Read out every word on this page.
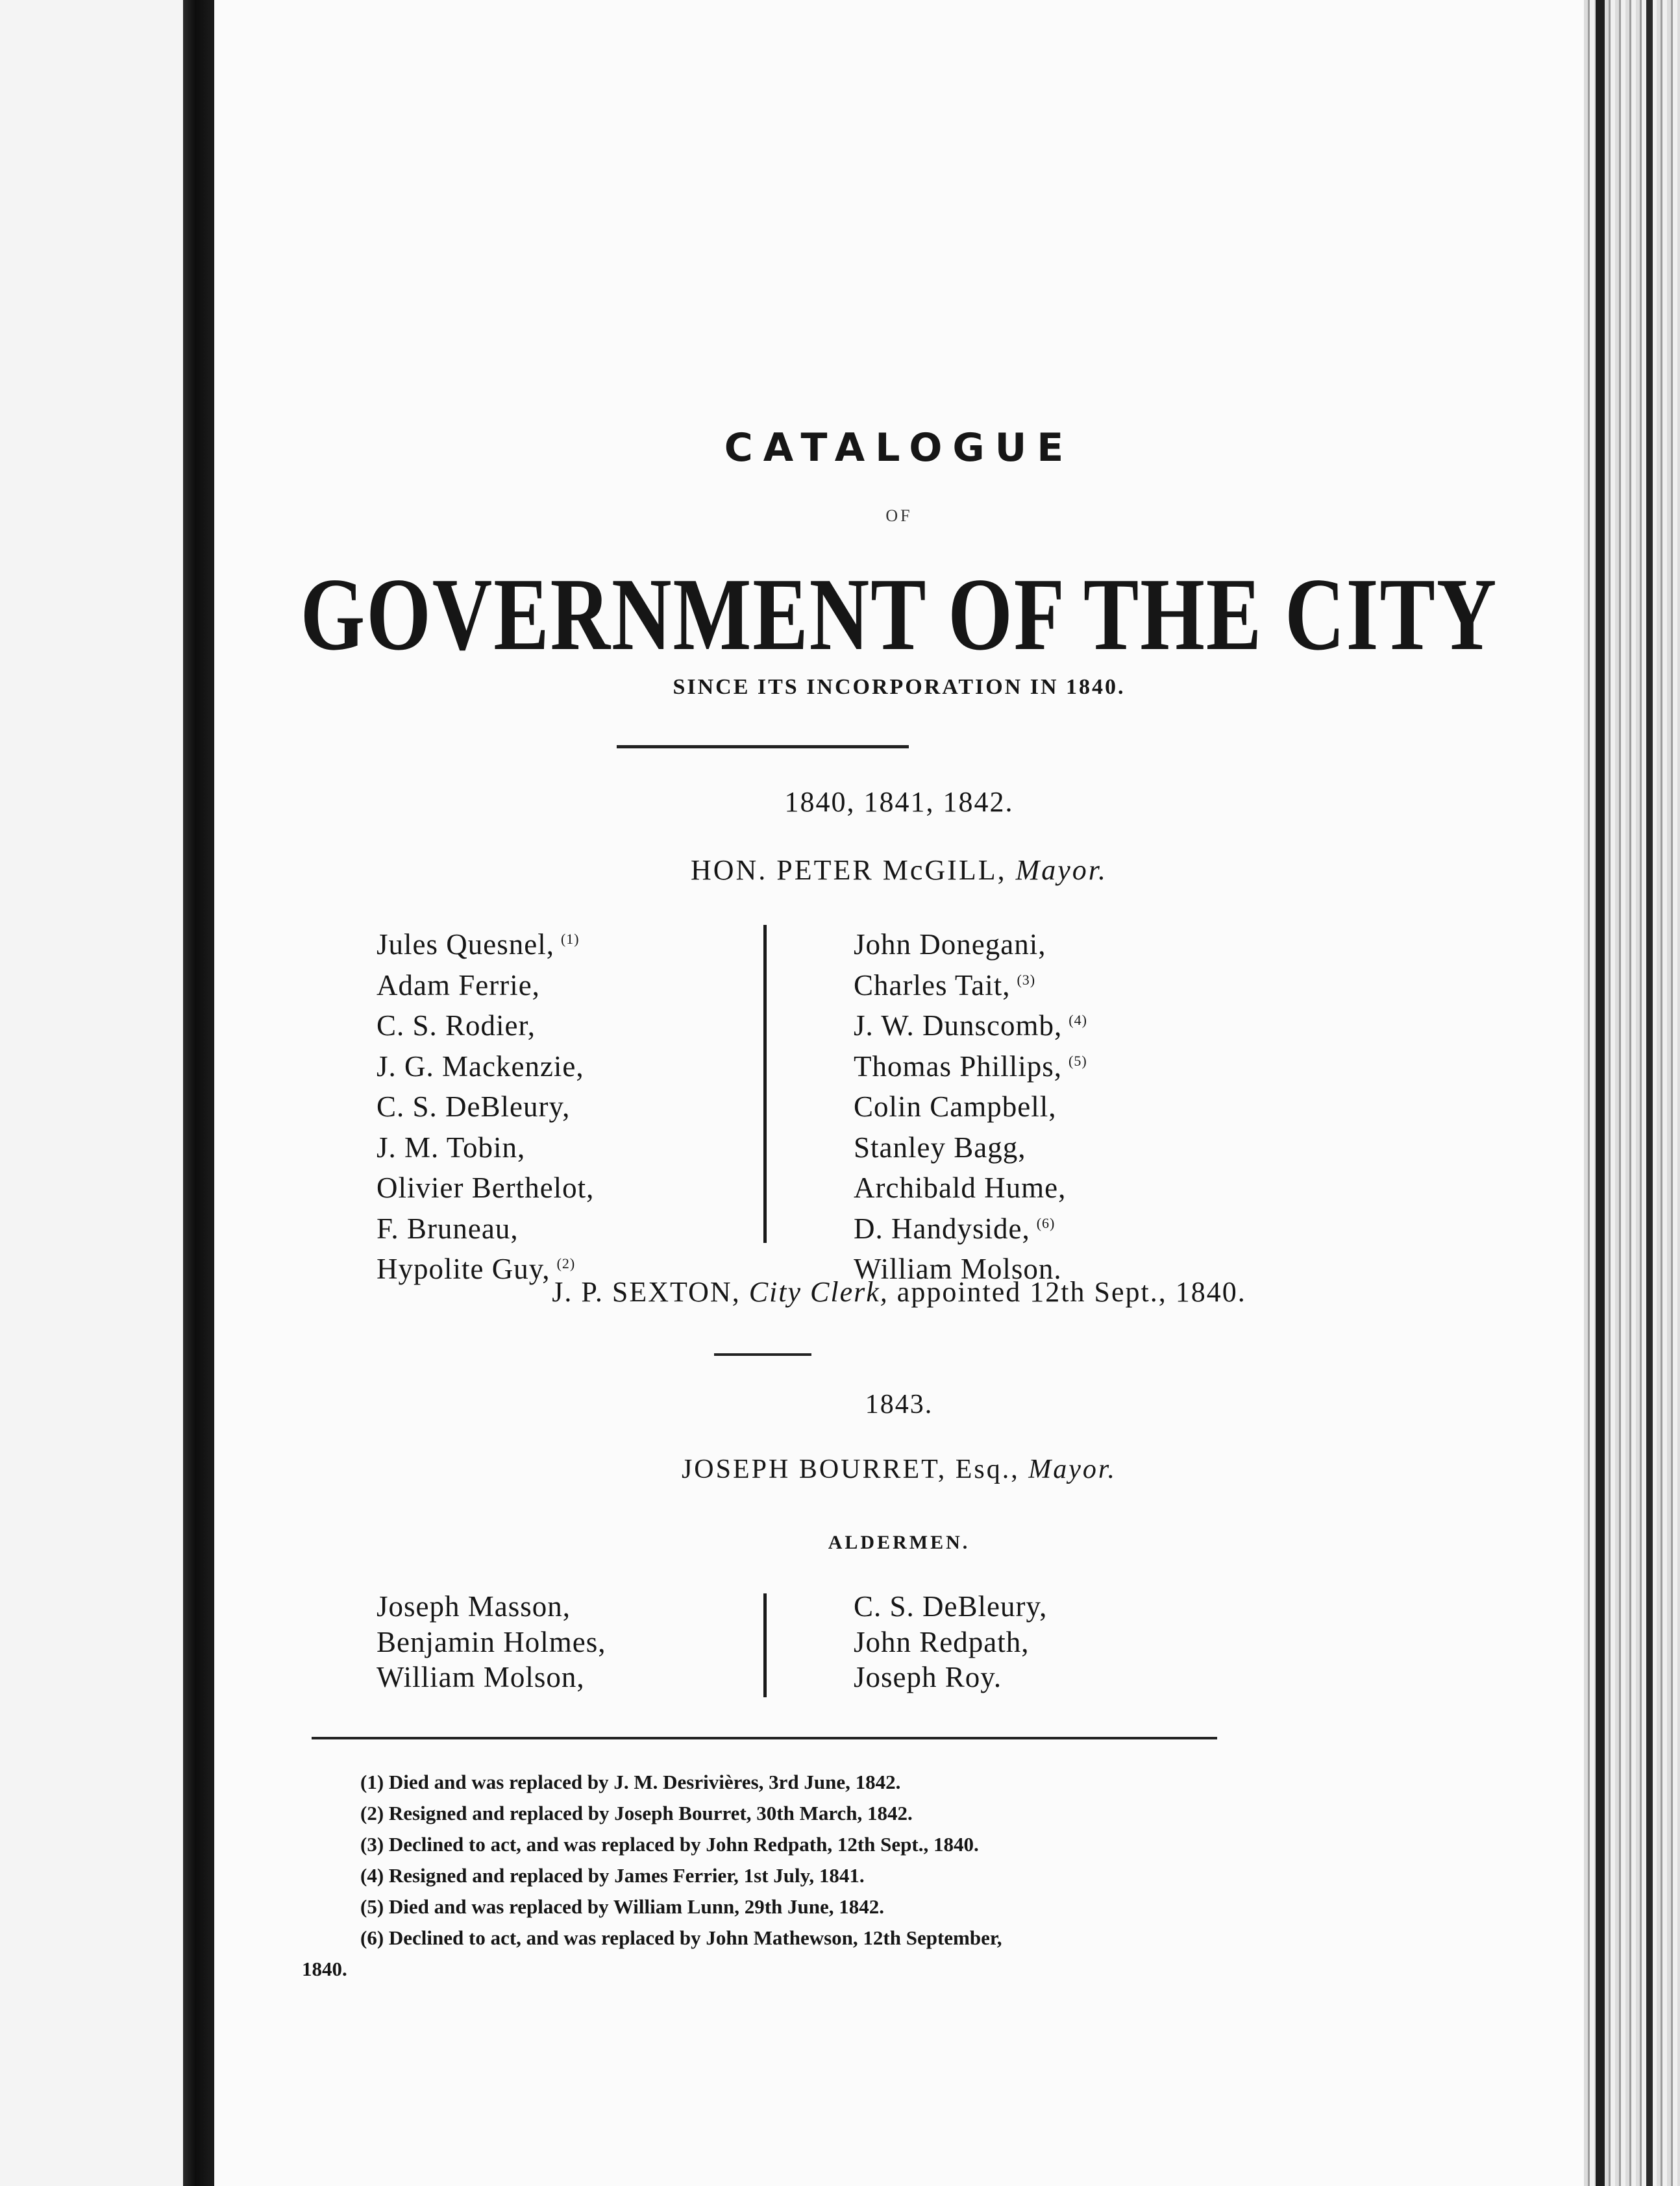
CATALOGUE
OF
GOVERNMENT OF THE CITY
SINCE ITS INCORPORATION IN 1840.
1840, 1841, 1842.
HON. PETER McGILL, Mayor.
Jules Quesnel, $^{(1)}$
Adam Ferrie,
C. S. Rodier,
J. G. Mackenzie,
C. S. DeBleury,
J. M. Tobin,
Olivier Berthelot,
F. Bruneau,
Hypolite Guy, $^{(2)}$
John Donegani,
Charles Tait, $^{(3)}$
J. W. Dunscomb, $^{(4)}$
Thomas Phillips, $^{(5)}$
Colin Campbell,
Stanley Bagg,
Archibald Hume,
D. Handyside, $^{(6)}$
William Molson.
J. P. SEXTON, City Clerk, appointed 12th Sept., 1840.
1843.
JOSEPH BOURRET, Esq., Mayor.
ALDERMEN.
Joseph Masson,
Benjamin Holmes,
William Molson,
C. S. DeBleury,
John Redpath,
Joseph Roy.
(1) Died and was replaced by J. M. Desrivières, 3rd June, 1842.
(2) Resigned and replaced by Joseph Bourret, 30th March, 1842.
(3) Declined to act, and was replaced by John Redpath, 12th Sept., 1840.
(4) Resigned and replaced by James Ferrier, 1st July, 1841.
(5) Died and was replaced by William Lunn, 29th June, 1842.
(6) Declined to act, and was replaced by John Mathewson, 12th September,
1840.
